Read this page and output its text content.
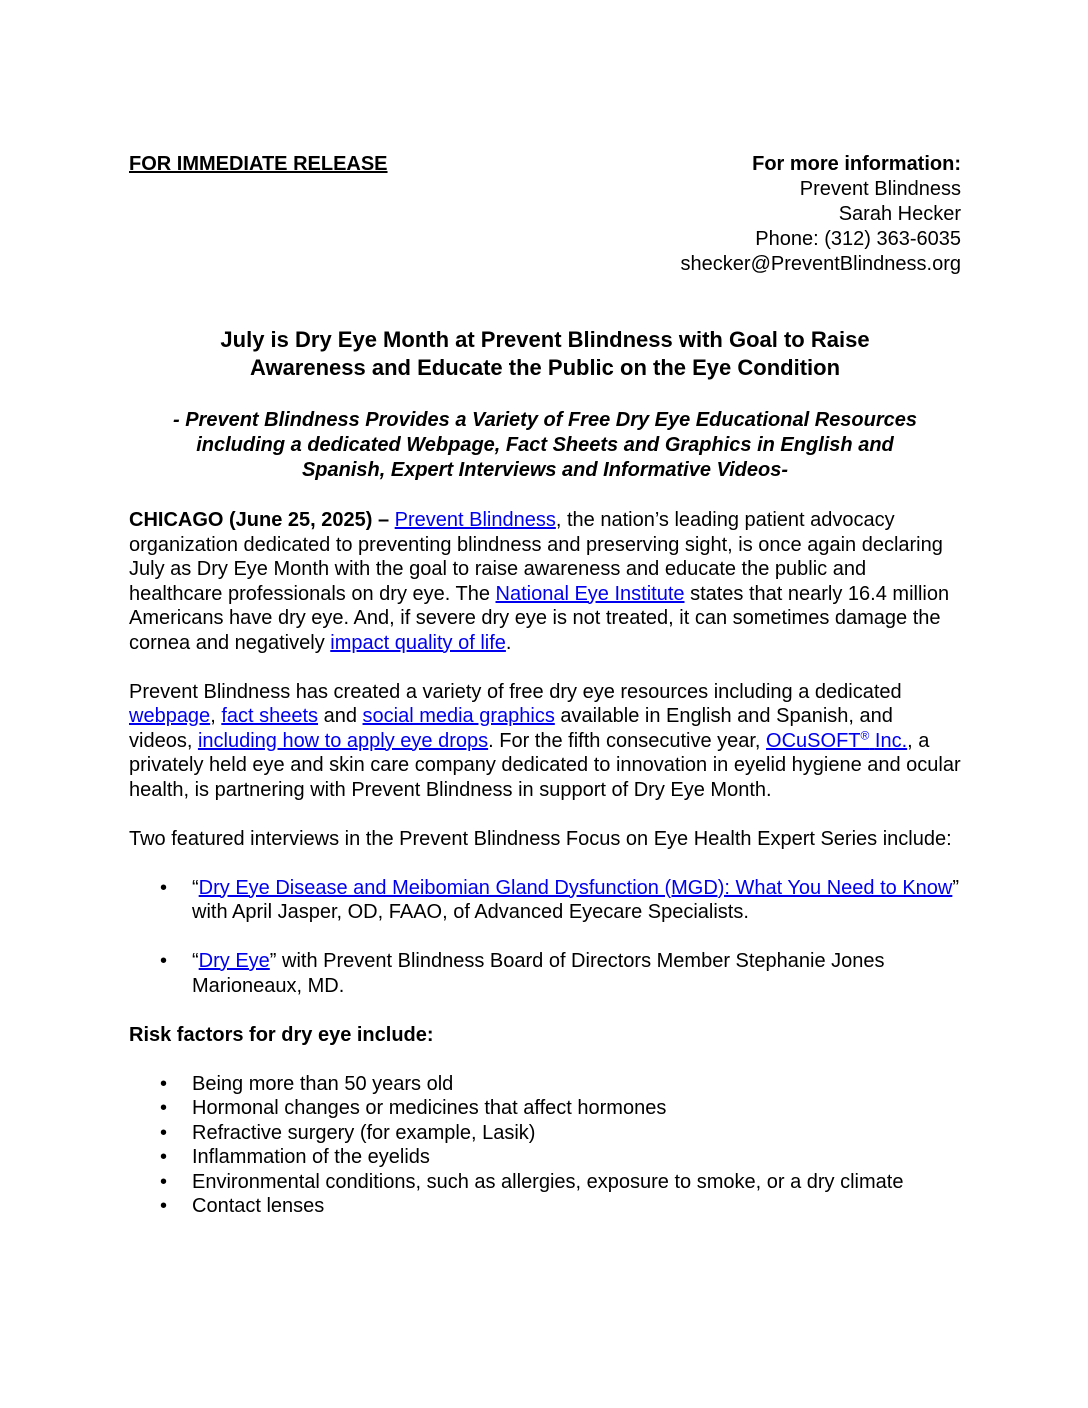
FOR IMMEDIATE RELEASE	For more information:
Prevent Blindness
Sarah Hecker
Phone: (312) 363-6035
shecker@PreventBlindness.org
July is Dry Eye Month at Prevent Blindness with Goal to Raise
Awareness and Educate the Public on the Eye Condition
- Prevent Blindness Provides a Variety of Free Dry Eye Educational Resources
including a dedicated Webpage, Fact Sheets and Graphics in English and
Spanish, Expert Interviews and Informative Videos-

CHICAGO (June 25, 2025) – Prevent Blindness, the nation’s leading patient advocacy organization dedicated to preventing blindness and preserving sight, is once again declaring July as Dry Eye Month with the goal to raise awareness and educate the public and healthcare professionals on dry eye. The National Eye Institute states that nearly 16.4 million Americans have dry eye. And, if severe dry eye is not treated, it can sometimes damage the cornea and negatively impact quality of life.

Prevent Blindness has created a variety of free dry eye resources including a dedicated webpage, fact sheets and social media graphics available in English and Spanish, and videos, including how to apply eye drops. For the fifth consecutive year, OCuSOFT® Inc., a privately held eye and skin care company dedicated to innovation in eyelid hygiene and ocular health, is partnering with Prevent Blindness in support of Dry Eye Month.

Two featured interviews in the Prevent Blindness Focus on Eye Health Expert Series include:

• “Dry Eye Disease and Meibomian Gland Dysfunction (MGD): What You Need to Know” with April Jasper, OD, FAAO, of Advanced Eyecare Specialists.
• “Dry Eye” with Prevent Blindness Board of Directors Member Stephanie Jones Marioneaux, MD.
Risk factors for dry eye include:
• Being more than 50 years old
• Hormonal changes or medicines that affect hormones
• Refractive surgery (for example, Lasik)
• Inflammation of the eyelids
• Environmental conditions, such as allergies, exposure to smoke, or a dry climate
• Contact lenses
